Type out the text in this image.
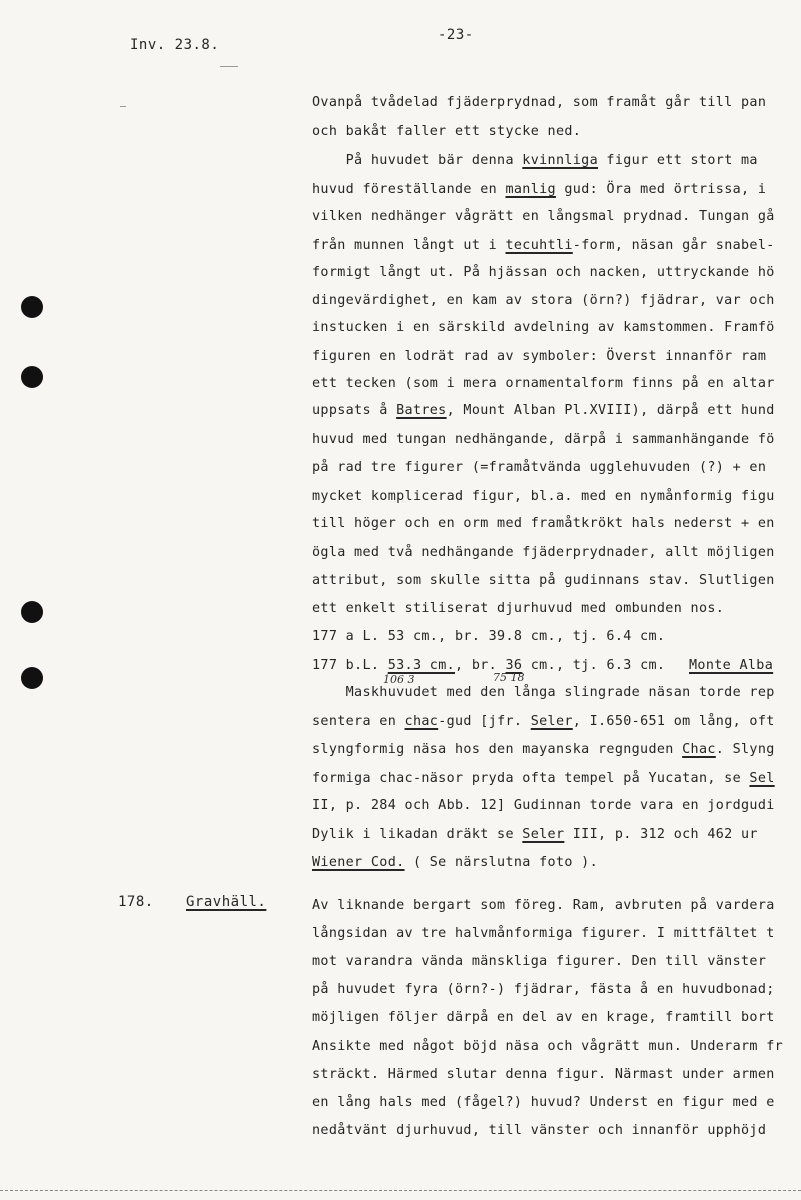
Inv. 23.8.
-23-
Ovanpå tvådelad fjäderprydnad, som framåt går till pan
och bakåt faller ett stycke ned.
På huvudet bär denna kvinnliga figur ett stort ma
huvud föreställande en manlig gud: Öra med örtrissa, i
vilken nedhänger vågrätt en långsmal prydnad. Tungan gå
från munnen långt ut i tecuhtli-form, näsan går snabel-
formigt långt ut. På hjässan och nacken, uttryckande hö
dingevärdighet, en kam av stora (örn?) fjädrar, var och
instucken i en särskild avdelning av kamstommen. Framfö
figuren en lodrät rad av symboler: Överst innanför ram
ett tecken (som i mera ornamentalform finns på en altar
uppsats å Batres, Mount Alban Pl.XVIII), därpå ett hund
huvud med tungan nedhängande, därpå i sammanhängande fö
på rad tre figurer (=framåtvända ugglehuvuden (?) + en
mycket komplicerad figur, bl.a. med en nymånformig figu
till höger och en orm med framåtkrökt hals nederst + en
ögla med två nedhängande fjäderprydnader, allt möjligen
attribut, som skulle sitta på gudinnans stav. Slutligen
ett enkelt stiliserat djurhuvud med ombunden nos.
177 a L. 53 cm., br. 39.8 cm., tj. 6.4 cm.
177 b.L. 53.3 cm., br. 36 cm., tj. 6.3 cm. Monte Alba
106 3	75 18
Maskhuvudet med den långa slingrade näsan torde rep
sentera en chac-gud [jfr. Seler, I.650-651 om lång, oft
slyngformig näsa hos den mayanska regnguden Chac. Slyng
formiga chac-näsor pryda ofta tempel på Yucatan, se Sel
II, p. 284 och Abb. 12] Gudinnan torde vara en jordgudi
Dylik i likadan dräkt se Seler III, p. 312 och 462 ur
Wiener Cod. ( Se närslutna foto ).
178. Gravhäll.	Av liknande bergart som föreg. Ram, avbruten på vardera
långsidan av tre halvmånformiga figurer. I mittfältet t
mot varandra vända mänskliga figurer. Den till vänster
på huvudet fyra (örn?-) fjädrar, fästa å en huvudbonad;
möjligen följer därpå en del av en krage, framtill bort
Ansikte med något böjd näsa och vågrätt mun. Underarm fr
sträckt. Härmed slutar denna figur. Närmast under armen
en lång hals med (fågel?) huvud? Underst en figur med e
nedåtvänt djurhuvud, till vänster och innanför upphöjd
